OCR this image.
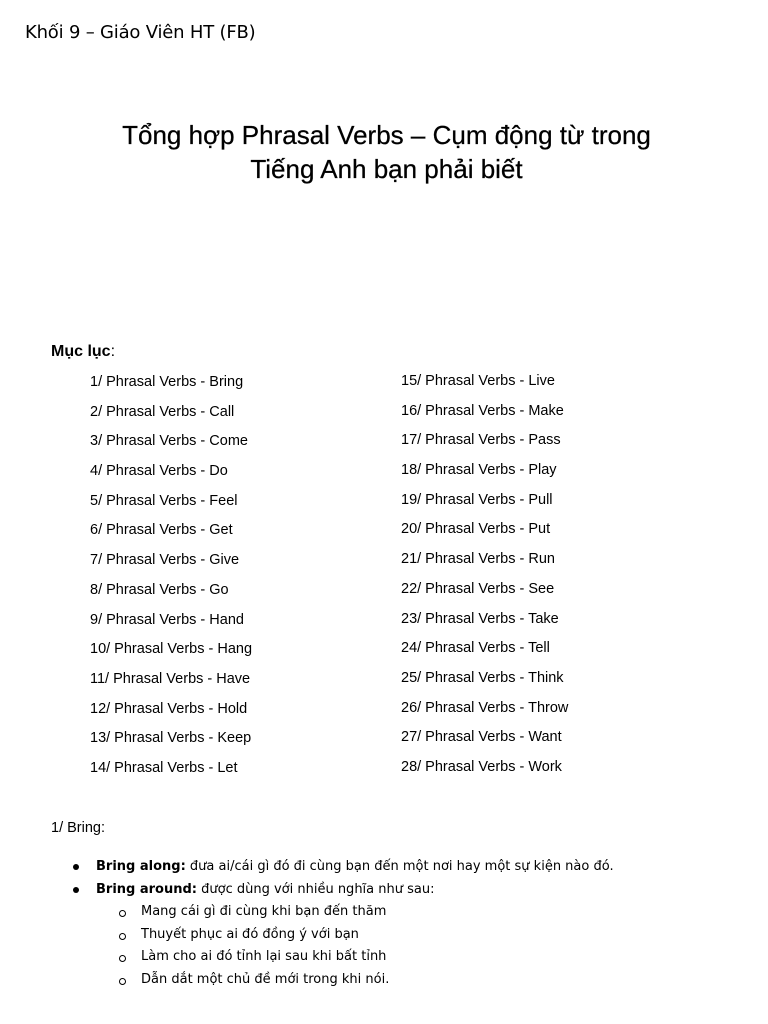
Khối 9 – Giáo Viên HT (FB)
Tổng hợp Phrasal Verbs – Cụm động từ trong
Tiếng Anh bạn phải biết
Mục lục:
1/ Phrasal Verbs - Bring
2/ Phrasal Verbs - Call
3/ Phrasal Verbs - Come
4/ Phrasal Verbs - Do
5/ Phrasal Verbs - Feel
6/ Phrasal Verbs - Get
7/ Phrasal Verbs - Give
8/ Phrasal Verbs - Go
9/ Phrasal Verbs - Hand
10/ Phrasal Verbs - Hang
11/ Phrasal Verbs - Have
12/ Phrasal Verbs - Hold
13/ Phrasal Verbs - Keep
14/ Phrasal Verbs - Let
15/ Phrasal Verbs - Live
16/ Phrasal Verbs - Make
17/ Phrasal Verbs - Pass
18/ Phrasal Verbs - Play
19/ Phrasal Verbs - Pull
20/ Phrasal Verbs - Put
21/ Phrasal Verbs - Run
22/ Phrasal Verbs - See
23/ Phrasal Verbs - Take
24/ Phrasal Verbs - Tell
25/ Phrasal Verbs - Think
26/ Phrasal Verbs - Throw
27/ Phrasal Verbs - Want
28/ Phrasal Verbs - Work
1/ Bring:
Bring along: đưa ai/cái gì đó đi cùng bạn đến một nơi hay một sự kiện nào đó.
Bring around: được dùng với nhiều nghĩa như sau:
Mang cái gì đi cùng khi bạn đến thăm
Thuyết phục ai đó đồng ý với bạn
Làm cho ai đó tỉnh lại sau khi bất tỉnh
Dẫn dắt một chủ đề mới trong khi nói.
